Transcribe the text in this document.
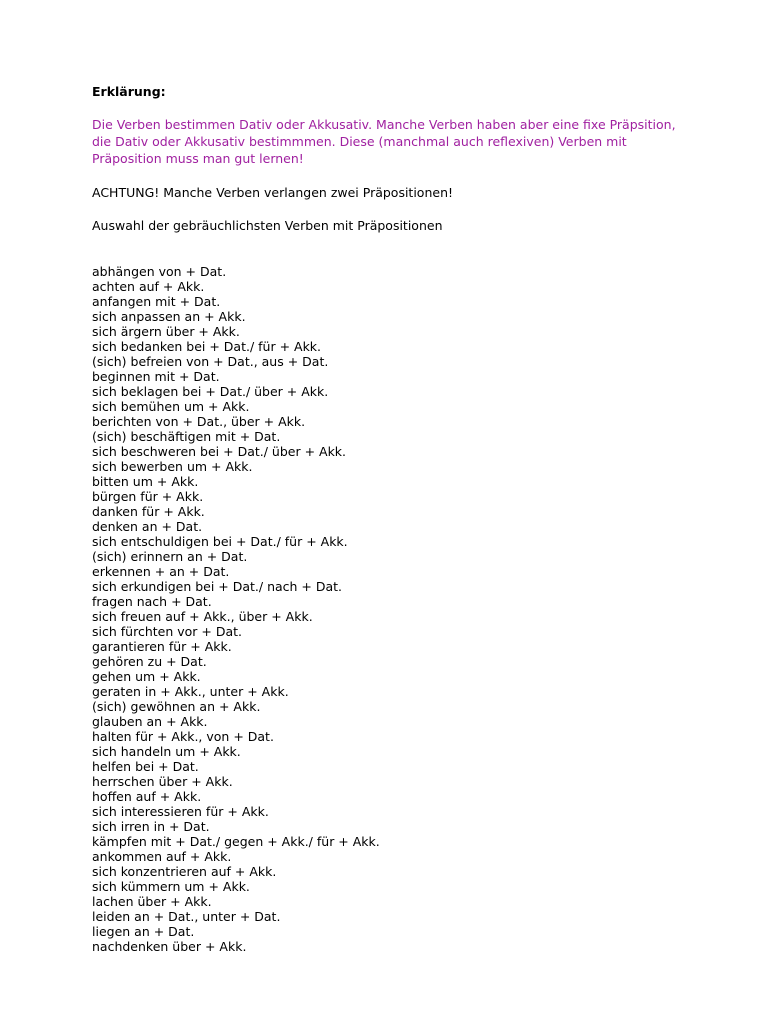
Erklärung:

Die Verben bestimmen Dativ oder Akkusativ. Manche Verben haben aber eine fixe Präpsition,
die Dativ oder Akkusativ bestimmmen. Diese (manchmal auch reflexiven) Verben mit
Präposition muss man gut lernen!
ACHTUNG! Manche Verben verlangen zwei Präpositionen!
Auswahl der gebräuchlichsten Verben mit Präpositionen
abhängen von + Dat.
achten auf + Akk.
anfangen mit + Dat.
sich anpassen an + Akk.
sich ärgern über + Akk.
sich bedanken bei + Dat./ für + Akk.
(sich) befreien von + Dat., aus + Dat.
beginnen mit + Dat.
sich beklagen bei + Dat./ über + Akk.
sich bemühen um + Akk.
berichten von + Dat., über + Akk.
(sich) beschäftigen mit + Dat.
sich beschweren bei + Dat./ über + Akk.
sich bewerben um + Akk.
bitten um + Akk.
bürgen für + Akk.
danken für + Akk.
denken an + Dat.
sich entschuldigen bei + Dat./ für + Akk.
(sich) erinnern an + Dat.
erkennen + an + Dat.
sich erkundigen bei + Dat./ nach + Dat.
fragen nach + Dat.
sich freuen auf + Akk., über + Akk.
sich fürchten vor + Dat.
garantieren für + Akk.
gehören zu + Dat.
gehen um + Akk.
geraten in + Akk., unter + Akk.
(sich) gewöhnen an + Akk.
glauben an + Akk.
halten für + Akk., von + Dat.
sich handeln um + Akk.
helfen bei + Dat.
herrschen über + Akk.
hoffen auf + Akk.
sich interessieren für + Akk.
sich irren in + Dat.
kämpfen mit + Dat./ gegen + Akk./ für + Akk.
ankommen auf + Akk.
sich konzentrieren auf + Akk.
sich kümmern um + Akk.
lachen über + Akk.
leiden an + Dat., unter + Dat.
liegen an + Dat.
nachdenken über + Akk.
